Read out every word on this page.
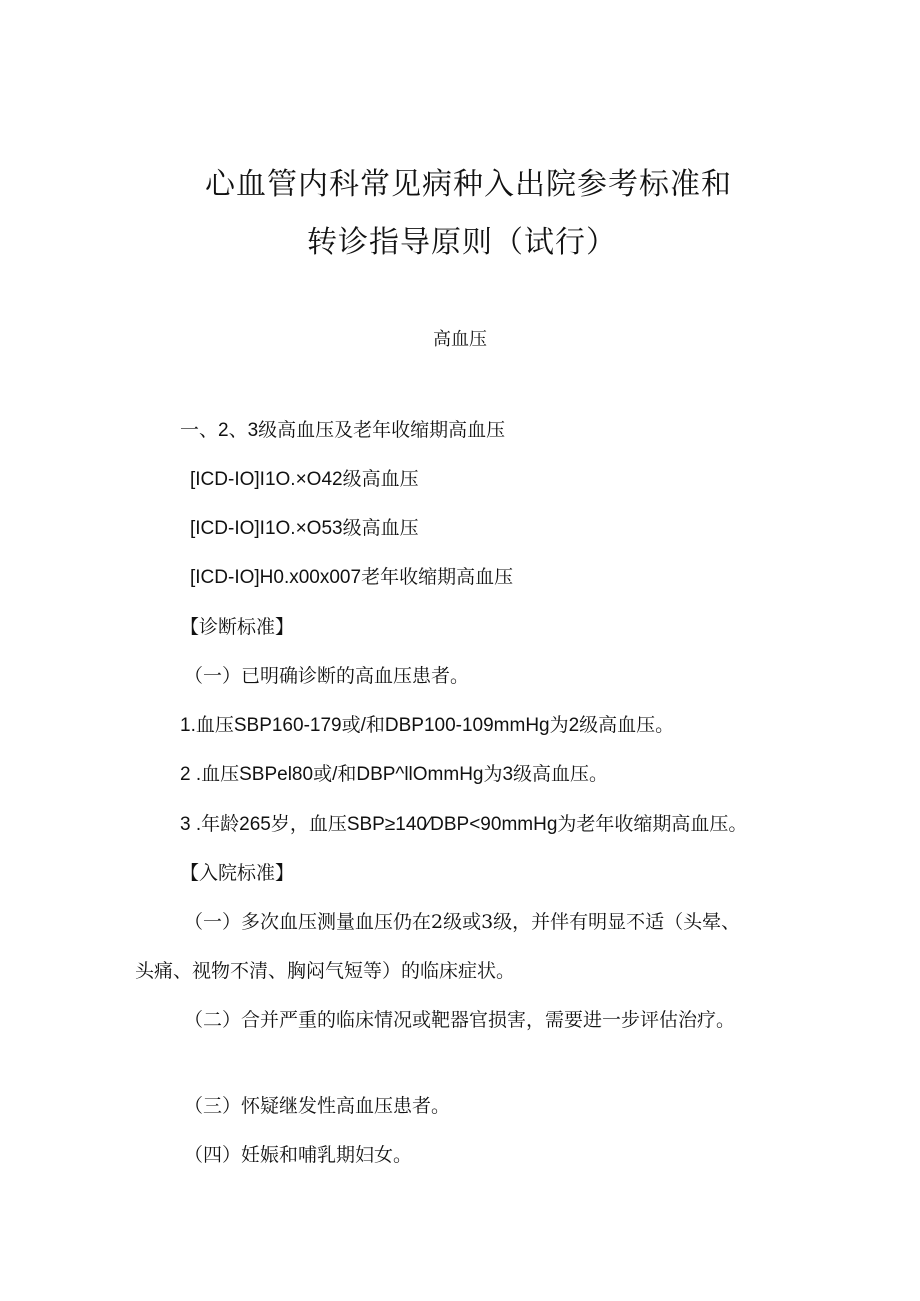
心血管内科常见病种入出院参考标准和
转诊指导原则（试行）
高血压

一、2、3级高血压及老年收缩期高血压

[ICD-IO]I1O.×O42级高血压

[ICD-IO]I1O.×O53级高血压

[ICD-IO]H0.x00x007老年收缩期高血压

【诊断标准】

（一）已明确诊断的高血压患者。

1.血压SBP160-179或/和DBP100-109mmHg为2级高血压。

2 .血压SBPel80或/和DBP^llOmmHg为3级高血压。

3 .年龄265岁，血压SBP≥140⁄DBP<90mmHg为老年收缩期高血压。

【入院标准】

（一）多次血压测量血压仍在2级或3级，并伴有明显不适（头晕、

头痛、视物不清、胸闷气短等）的临床症状。

（二）合并严重的临床情况或靶器官损害，需要进一步评估治疗。

（三）怀疑继发性高血压患者。

（四）妊娠和哺乳期妇女。
